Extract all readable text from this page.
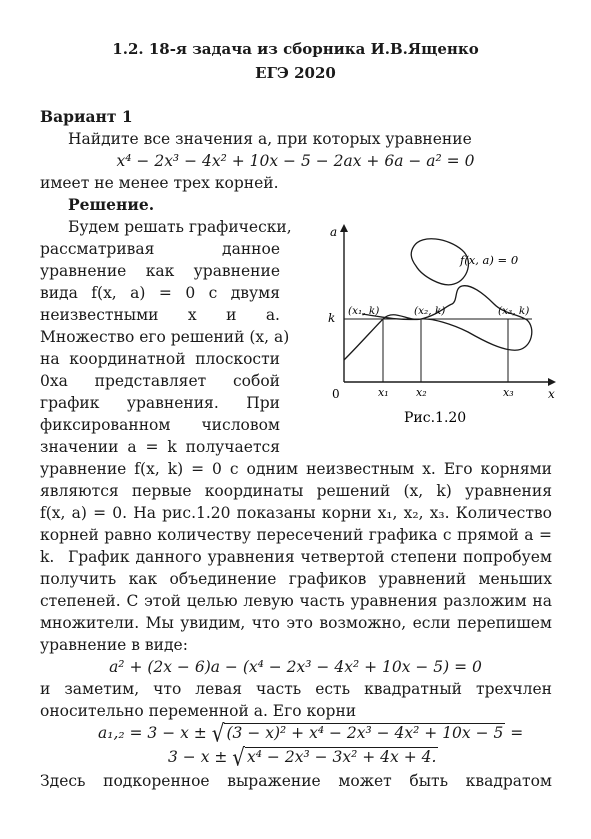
1.2. 18-я задача из сборника И.В.Ященко
ЕГЭ 2020
Вариант 1
Найдите все значения a, при которых уравнение
x⁴ − 2x³ − 4x² + 10x − 5 − 2ax + 6a − a² = 0
имеет не менее трех корней.
Решение.
Будем решать графически,
рассматривая данное
уравнение как уравнение
вида f(x, a) = 0 с двумя
неизвестными x и a.
Множество его решений (x, a)
на координатной плоскости
0xa представляет собой
график уравнения. При
фиксированном числовом
значении a = k получается
a
x
0
k
f(x, a) = 0
(x₁, k)	(x₂, k)	(x₃, k)
x₁ x₂	x₃
Рис.1.20
уравнение f(x, k) = 0 с одним неизвестным x. Его корнями
являются первые координаты решений (x, k) уравнения
f(x, a) = 0. На рис.1.20 показаны корни x₁, x₂, x₃. Количество
корней равно количеству пересечений графика с прямой a = k. График данного уравнения четвертой степени попробуем
получить как объединение графиков уравнений меньших
степеней. С этой целью левую часть уравнения разложим на
множители. Мы увидим, что это возможно, если перепишем
уравнение в виде:
a² + (2x − 6)a − (x⁴ − 2x³ − 4x² + 10x − 5) = 0
и заметим, что левая часть есть квадратный трехчлен
оносительно переменной a. Его корни
a₁,₂ = 3 − x ± √ (3 − x)² + x⁴ − 2x³ − 4x² + 10x − 5 =
3 − x ± √ x⁴ − 2x³ − 3x² + 4x + 4.
Здесь подкоренное выражение может быть квадратом
